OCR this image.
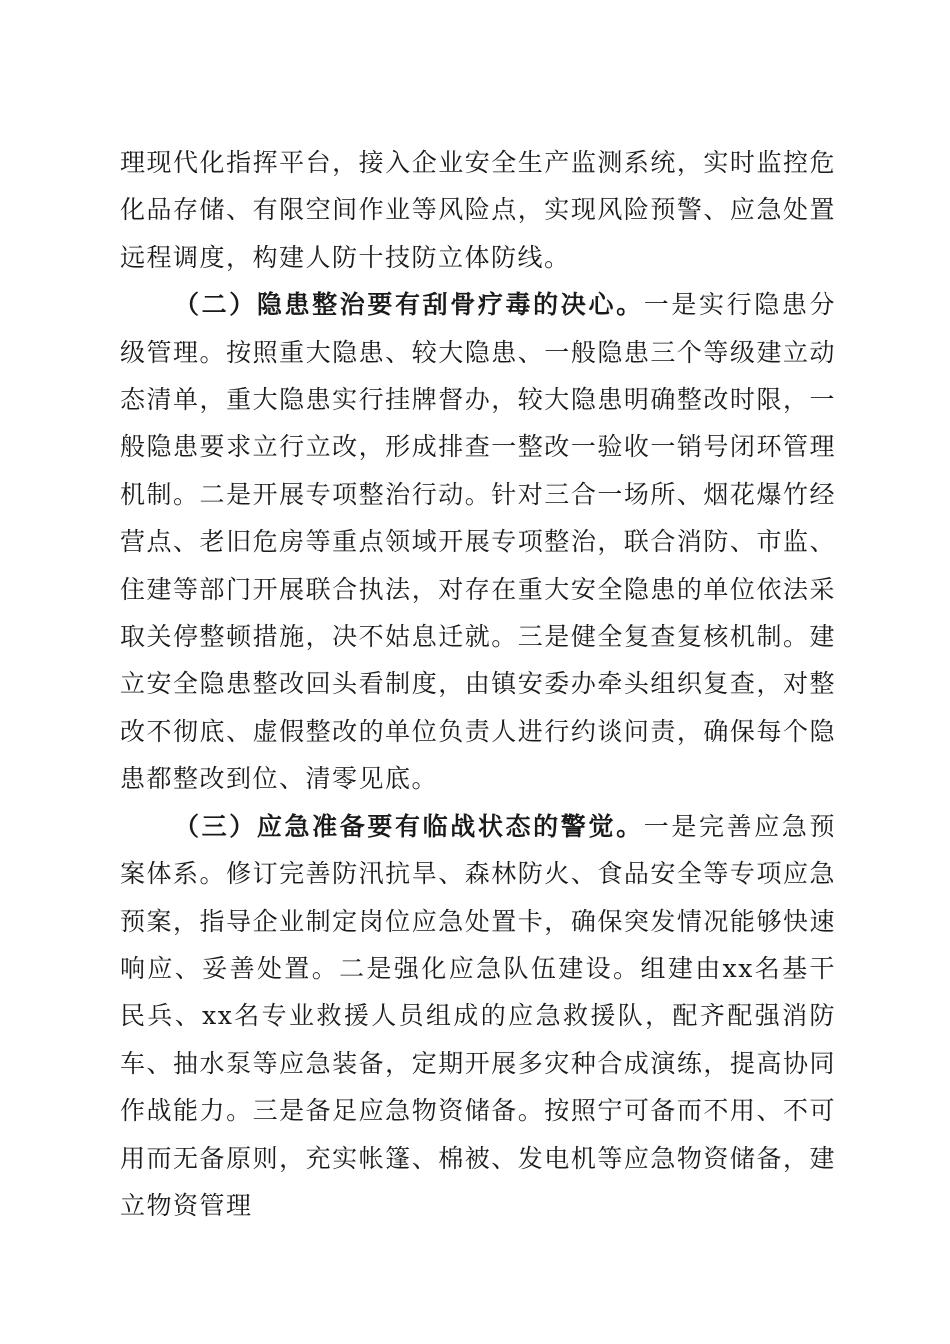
理现代化指挥平台，接入企业安全生产监测系统，实时监控危化品存储、有限空间作业等风险点，实现风险预警、应急处置远程调度，构建人防十技防立体防线。

（二）隐患整治要有刮骨疗毒的决心。一是实行隐患分级管理。按照重大隐患、较大隐患、一般隐患三个等级建立动态清单，重大隐患实行挂牌督办，较大隐患明确整改时限，一般隐患要求立行立改，形成排查一整改一验收一销号闭环管理机制。二是开展专项整治行动。针对三合一场所、烟花爆竹经营点、老旧危房等重点领域开展专项整治，联合消防、市监、住建等部门开展联合执法，对存在重大安全隐患的单位依法采取关停整顿措施，决不姑息迁就。三是健全复查复核机制。建立安全隐患整改回头看制度，由镇安委办牵头组织复查，对整改不彻底、虚假整改的单位负责人进行约谈问责，确保每个隐患都整改到位、清零见底。

（三）应急准备要有临战状态的警觉。一是完善应急预案体系。修订完善防汛抗旱、森林防火、食品安全等专项应急预案，指导企业制定岗位应急处置卡，确保突发情况能够快速响应、妥善处置。二是强化应急队伍建设。组建由xx名基干民兵、xx名专业救援人员组成的应急救援队，配齐配强消防车、抽水泵等应急装备，定期开展多灾种合成演练，提高协同作战能力。三是备足应急物资储备。按照宁可备而不用、不可用而无备原则，充实帐篷、棉被、发电机等应急物资储备，建立物资管理
